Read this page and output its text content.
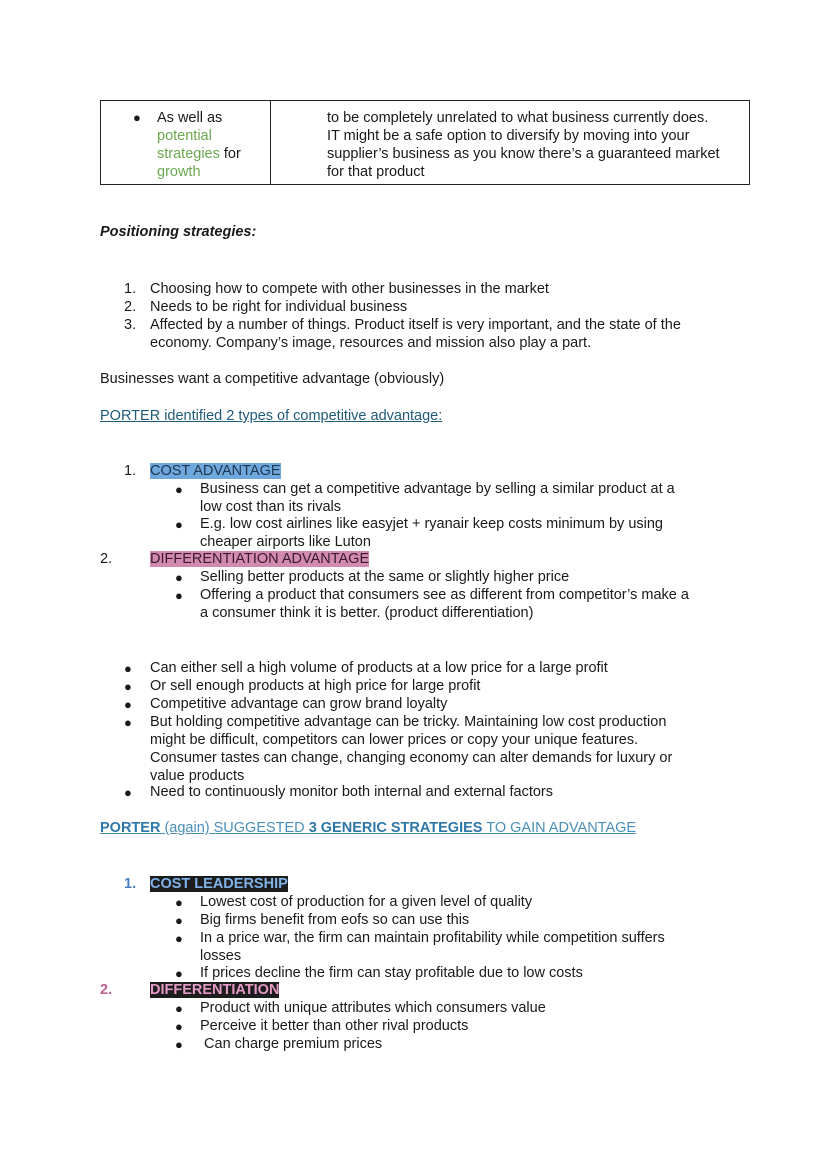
● As well as
potential
strategies for
growth
to be completely unrelated to what business currently does.
IT might be a safe option to diversify by moving into your
supplier’s business as you know there’s a guaranteed market
for that product
Positioning strategies:
1. Choosing how to compete with other businesses in the market
2. Needs to be right for individual business
3. Affected by a number of things. Product itself is very important, and the state of the
economy. Company’s image, resources and mission also play a part.
Businesses want a competitive advantage (obviously)
PORTER identified 2 types of competitive advantage:
1. COST ADVANTAGE
● Business can get a competitive advantage by selling a similar product at a
low cost than its rivals
● E.g. low cost airlines like easyjet + ryanair keep costs minimum by using
cheaper airports like Luton
2.	DIFFERENTIATION ADVANTAGE
● Selling better products at the same or slightly higher price
● Offering a product that consumers see as different from competitor’s make a
a consumer think it is better. (product differentiation)
● Can either sell a high volume of products at a low price for a large profit
● Or sell enough products at high price for large profit
● Competitive advantage can grow brand loyalty
● But holding competitive advantage can be tricky. Maintaining low cost production
might be difficult, competitors can lower prices or copy your unique features.
Consumer tastes can change, changing economy can alter demands for luxury or
value products
● Need to continuously monitor both internal and external factors
PORTER (again) SUGGESTED 3 GENERIC STRATEGIES TO GAIN ADVANTAGE
1. COST LEADERSHIP
● Lowest cost of production for a given level of quality
● Big firms benefit from eofs so can use this
● In a price war, the firm can maintain profitability while competition suffers
losses
● If prices decline the firm can stay profitable due to low costs
2.	DIFFERENTIATION
● Product with unique attributes which consumers value
● Perceive it better than other rival products
● Can charge premium prices
